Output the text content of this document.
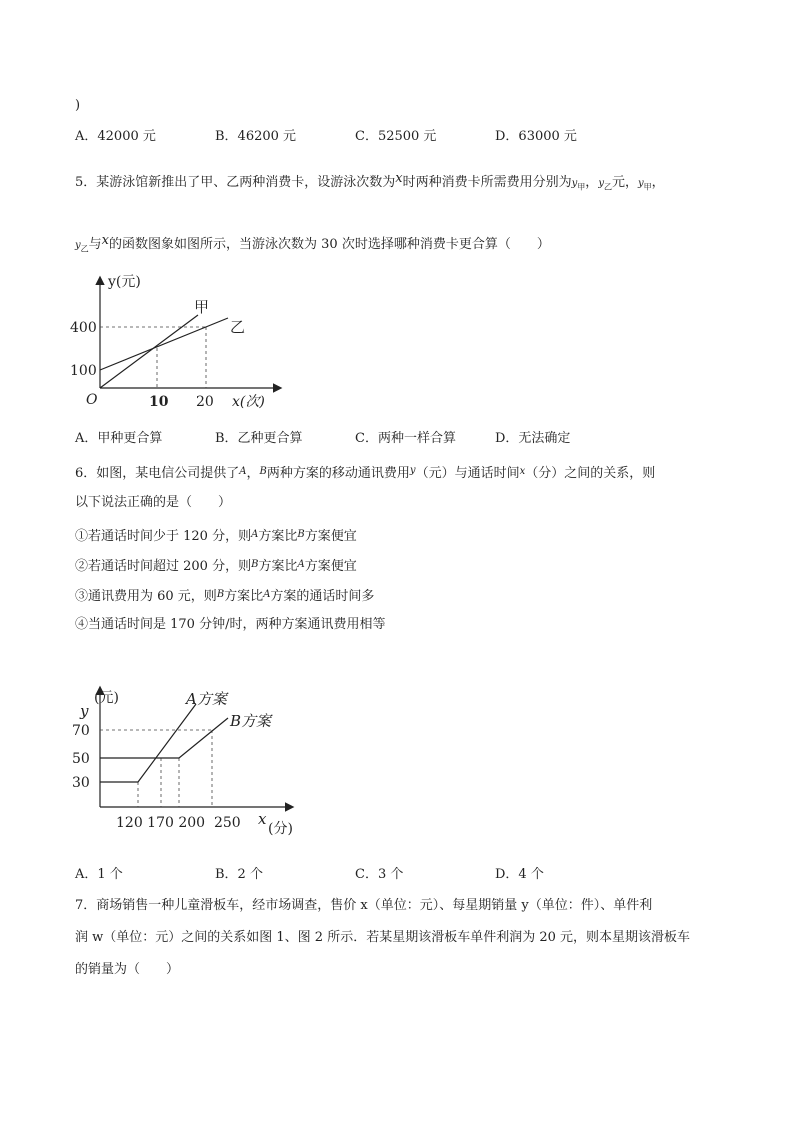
)
A．42000 元	B．46200 元	C．52500 元	D．63000 元
5．某游泳馆新推出了甲、乙两种消费卡，设游泳次数为x时两种消费卡所需费用分别为$y_甲$，$y_乙$元，$y_甲$，
$y_乙$与x的函数图象如图所示，当游泳次数为 30 次时选择哪种消费卡更合算（　　）
y(元)
x(次)
O
400
100
10 20
甲
乙
A．甲种更合算	B．乙种更合算	C．两种一样合算	D．无法确定
6．如图，某电信公司提供了$^A$，$^B$两种方案的移动通讯费用$^y$（元）与通话时间$^x$（分）之间的关系，则
以下说法正确的是（　　）
①若通话时间少于 120 分，则$^A$方案比$^B$方案便宜
②若通话时间超过 200 分，则$^B$方案比$^A$方案便宜
③通讯费用为 60 元，则$^B$方案比$^A$方案的通话时间多
④当通话时间是 170 分钟/时，两种方案通讯费用相等
y
(元)
70
50
30
120 170 200  250 x
(分)
A方案
B方案
A．1 个	B．2 个	C．3 个	D．4 个
7．商场销售一种儿童滑板车，经市场调查，售价 x（单位：元）、每星期销量 y（单位：件）、单件利
润 w（单位：元）之间的关系如图 1、图 2 所示．若某星期该滑板车单件利润为 20 元，则本星期该滑板车
的销量为（　　）
